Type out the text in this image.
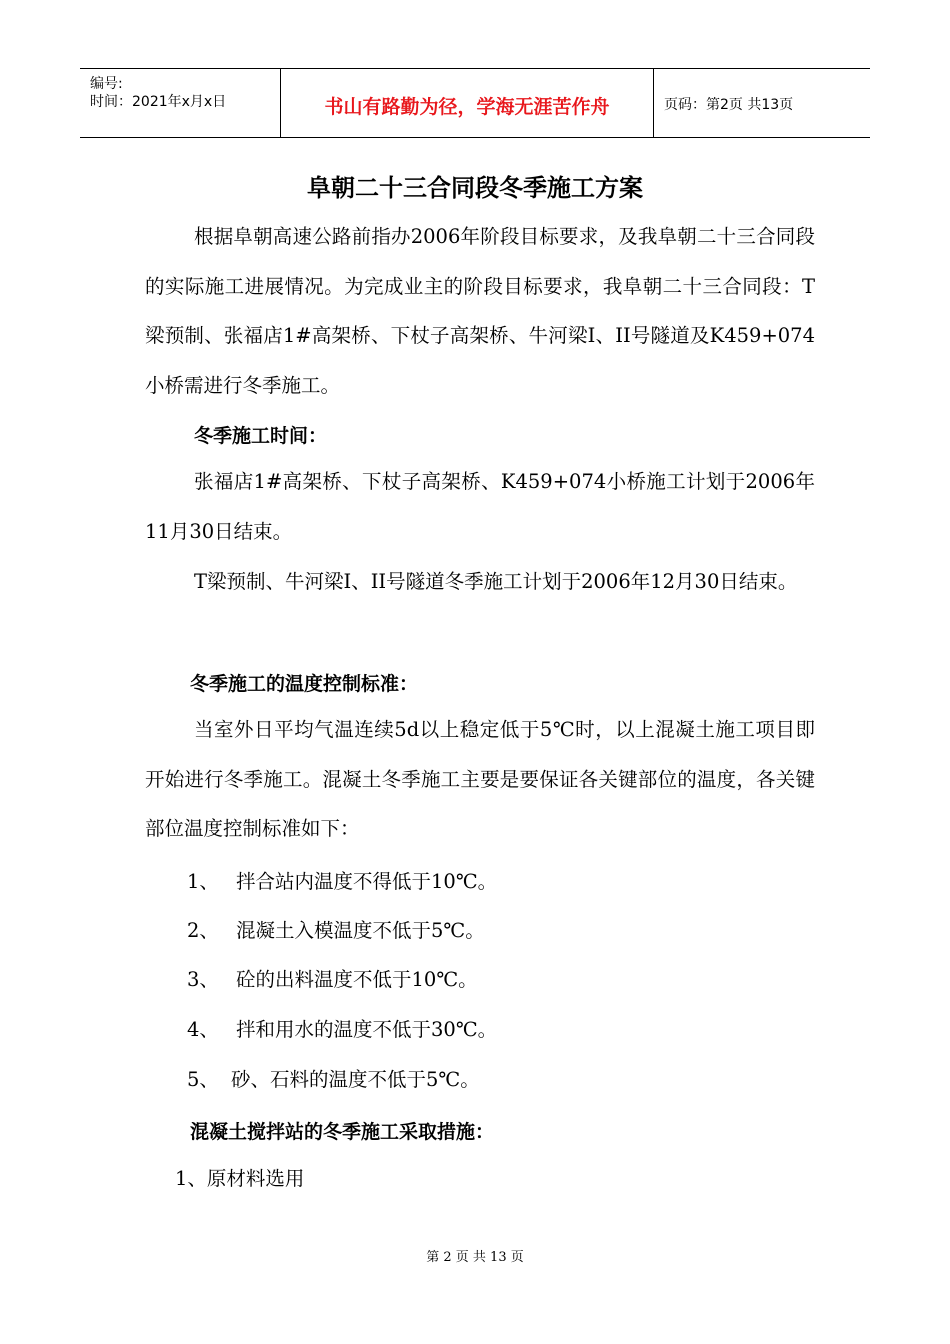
编号:
时间：2021年x月x日	书山有路勤为径，学海无涯苦作舟	页码：第2页 共13页
阜朝二十三合同段冬季施工方案

根据阜朝高速公路前指办2006年阶段目标要求，及我阜朝二十三合同段的实际施工进展情况。为完成业主的阶段目标要求，我阜朝二十三合同段：T梁预制、张福店1#高架桥、下杖子高架桥、牛河梁I、II号隧道及K459+074小桥需进行冬季施工。

冬季施工时间：

张福店1#高架桥、下杖子高架桥、K459+074小桥施工计划于2006年11月30日结束。

T梁预制、牛河梁I、II号隧道冬季施工计划于2006年12月30日结束。

冬季施工的温度控制标准：

当室外日平均气温连续5d以上稳定低于5℃时，以上混凝土施工项目即开始进行冬季施工。混凝土冬季施工主要是要保证各关键部位的温度，各关键部位温度控制标准如下：

1、 拌合站内温度不得低于10℃。
2、 混凝土入模温度不低于5℃。
3、 砼的出料温度不低于10℃。
4、 拌和用水的温度不低于30℃。
5、 砂、石料的温度不低于5℃。
混凝土搅拌站的冬季施工采取措施：
1、原材料选用
第 2 页 共 13 页
